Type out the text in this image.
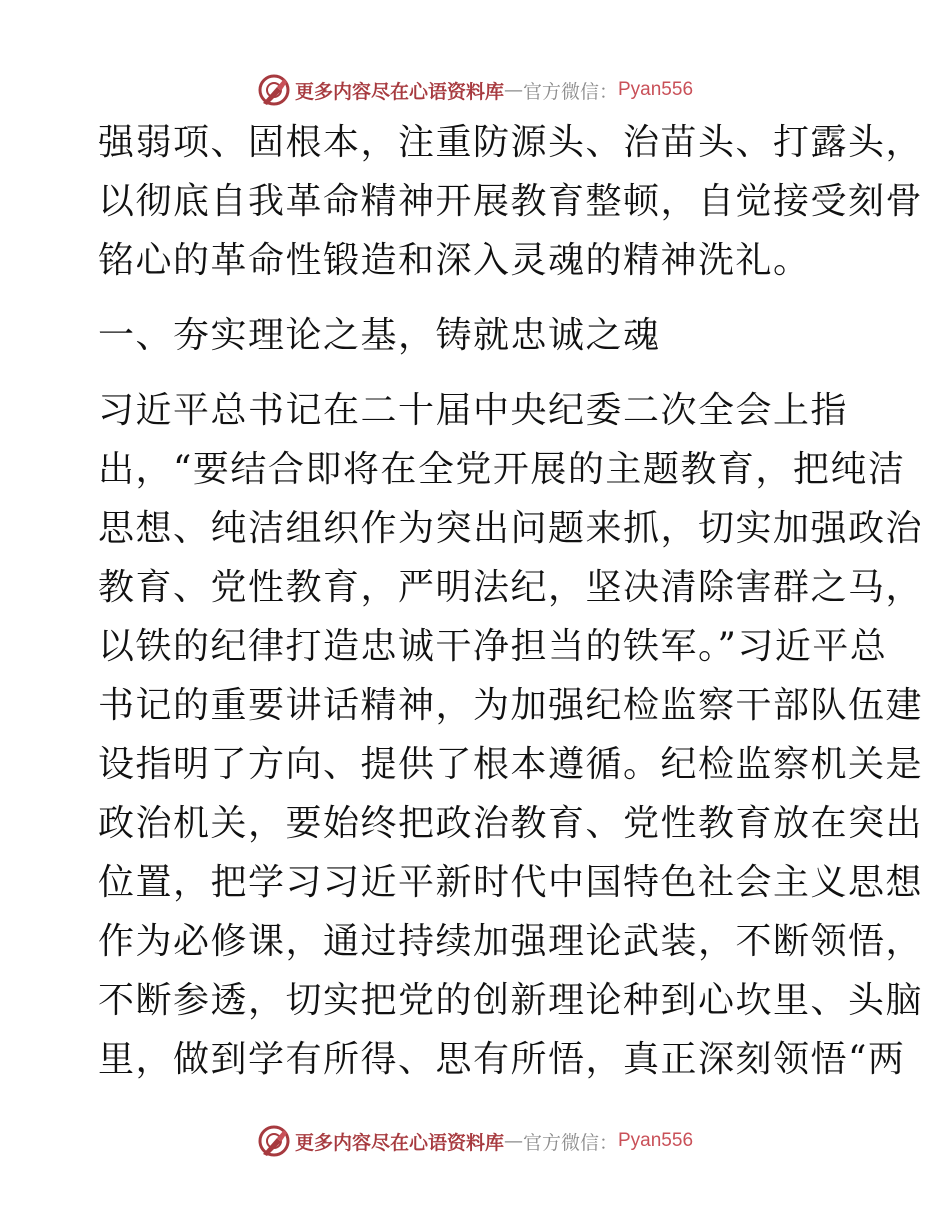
更多内容尽在心语资料库 — 官方微信： Pyan556
强弱项、固根本，注重防源头、治苗头、打露头，
以彻底自我革命精神开展教育整顿，自觉接受刻骨
铭心的革命性锻造和深入灵魂的精神洗礼。
一、夯实理论之基，铸就忠诚之魂
习近平总书记在二十届中央纪委二次全会上指
出，“要结合即将在全党开展的主题教育，把纯洁
思想、纯洁组织作为突出问题来抓，切实加强政治
教育、党性教育，严明法纪，坚决清除害群之马，
以铁的纪律打造忠诚干净担当的铁军。”习近平总
书记的重要讲话精神，为加强纪检监察干部队伍建
设指明了方向、提供了根本遵循。纪检监察机关是
政治机关，要始终把政治教育、党性教育放在突出
位置，把学习习近平新时代中国特色社会主义思想
作为必修课，通过持续加强理论武装，不断领悟，
不断参透，切实把党的创新理论种到心坎里、头脑
里，做到学有所得、思有所悟，真正深刻领悟“两
更多内容尽在心语资料库 — 官方微信： Pyan556
